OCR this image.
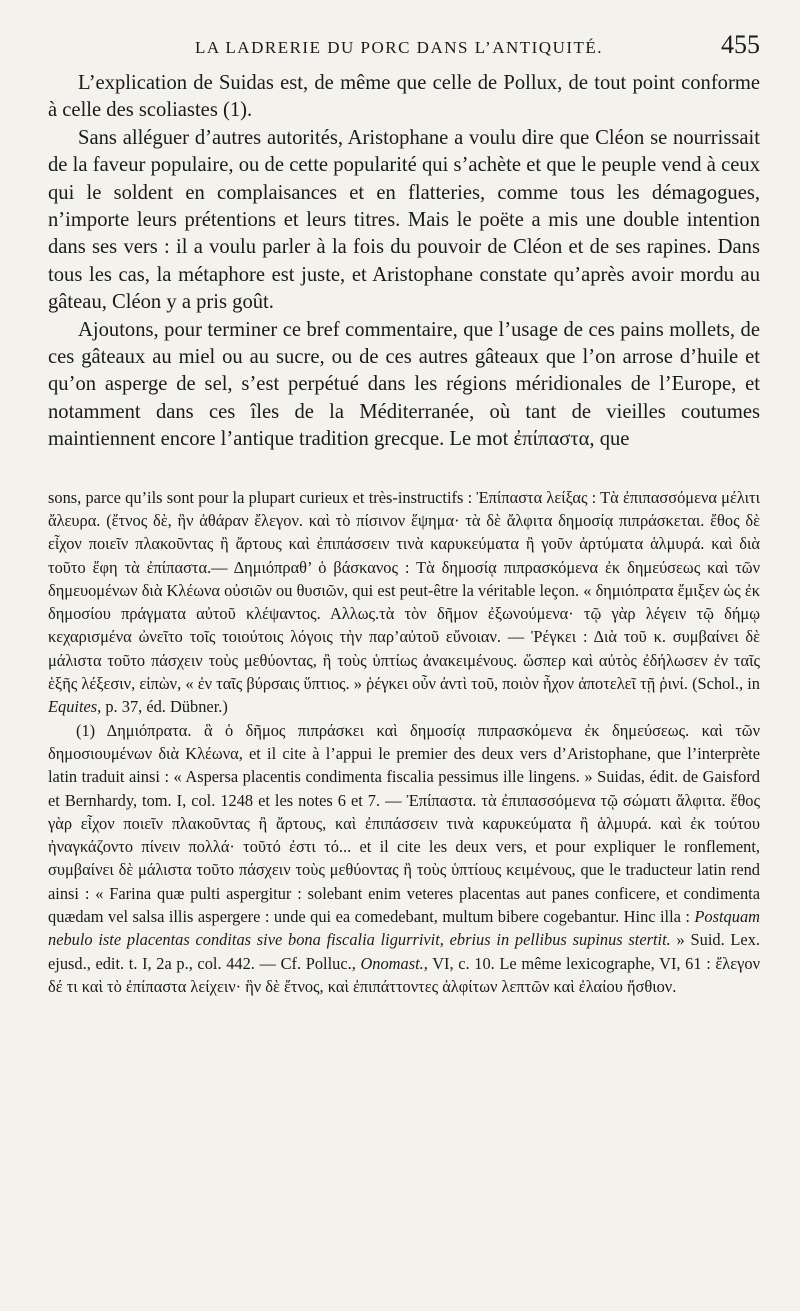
LA LADRERIE DU PORC DANS L’ANTIQUITÉ.	455

L’explication de Suidas est, de même que celle de Pollux, de tout point conforme à celle des scoliastes (1).

Sans alléguer d’autres autorités, Aristophane a voulu dire que Cléon se nourrissait de la faveur populaire, ou de cette popularité qui s’achète et que le peuple vend à ceux qui le soldent en complaisances et en flatteries, comme tous les démagogues, n’importe leurs prétentions et leurs titres. Mais le poëte a mis une double intention dans ses vers : il a voulu parler à la fois du pouvoir de Cléon et de ses rapines. Dans tous les cas, la métaphore est juste, et Aristophane constate qu’après avoir mordu au gâteau, Cléon y a pris goût.

Ajoutons, pour terminer ce bref commentaire, que l’usage de ces pains mollets, de ces gâteaux au miel ou au sucre, ou de ces autres gâteaux que l’on arrose d’huile et qu’on asperge de sel, s’est perpétué dans les régions méridionales de l’Europe, et notamment dans ces îles de la Méditerranée, où tant de vieilles coutumes maintiennent encore l’antique tradition grecque. Le mot ἐπίπαστα, que

sons, parce qu’ils sont pour la plupart curieux et très-instructifs : Ἐπίπαστα λείξας : Τὰ ἐπιπασσόμενα μέλιτι ἄλευρα. (ἔτνος δὲ, ἣν ἀθάραν ἔλεγον. καὶ τὸ πίσινον ἕψημα· τὰ δὲ ἄλφιτα δημοσίᾳ πιπράσκεται. ἔθος δὲ εἶχον ποιεῖν πλακοῦντας ἢ ἄρτους καὶ ἐπιπάσσειν τινὰ καρυκεύματα ἢ γοῦν ἀρτύματα ἁλμυρά. καὶ διὰ τοῦτο ἔφη τὰ ἐπίπαστα.— Δημιόπραθ’ ὁ βάσκανος : Τὰ δημοσίᾳ πιπρασκόμενα ἐκ δημεύσεως καὶ τῶν δημευομένων διὰ Κλέωνα οὐσιῶν ou θυσιῶν, qui est peut-être la véritable leçon. « δημιόπρατα ἔμιξεν ὡς ἐκ δημοσίου πράγματα αὐτοῦ κλέψαντος. Αλλως.τὰ τὸν δῆμον ἐξωνούμενα· τῷ γὰρ λέγειν τῷ δήμῳ κεχαρισμένα ὠνεῖτο τοῖς τοιούτοις λόγοις τὴν παρ’αὐτοῦ εὔνοιαν. — Ῥέγκει : Διὰ τοῦ κ. συμβαίνει δὲ μάλιστα τοῦτο πάσχειν τοὺς μεθύοντας, ἢ τοὺς ὑπτίως ἀνακειμένους. ὥσπερ καὶ αὐτὸς ἐδήλωσεν ἐν ταῖς ἑξῆς λέξεσιν, εἰπὼν, « ἐν ταῖς βύρσαις ὕπτιος. » ῥέγκει οὖν ἀντὶ τοῦ, ποιὸν ἦχον ἀποτελεῖ τῇ ῥινί. (Schol., in Equites, p. 37, éd. Dübner.)

(1) Δημιόπρατα. ἃ ὁ δῆμος πιπράσκει καὶ δημοσίᾳ πιπρασκόμενα ἐκ δημεύσεως. καὶ τῶν δημοσιουμένων διὰ Κλέωνα, et il cite à l’appui le premier des deux vers d’Aristophane, que l’interprète latin traduit ainsi : « Aspersa placentis condimenta fiscalia pessimus ille lingens. » Suidas, édit. de Gaisford et Bernhardy, tom. I, col. 1248 et les notes 6 et 7. — Ἐπίπαστα. τὰ ἐπιπασσόμενα τῷ σώματι ἄλφιτα. ἔθος γὰρ εἶχον ποιεῖν πλακοῦντας ἢ ἄρτους, καὶ ἐπιπάσσειν τινὰ καρυκεύματα ἢ ἁλμυρά. καὶ ἐκ τούτου ἠναγκάζοντο πίνειν πολλά· τοῦτό ἐστι τό... et il cite les deux vers, et pour expliquer le ronflement, συμβαίνει δὲ μάλιστα τοῦτο πάσχειν τοὺς μεθύοντας ἢ τοὺς ὑπτίους κειμένους, que le traducteur latin rend ainsi : « Farina quæ pulti aspergitur : solebant enim veteres placentas aut panes conficere, et condimenta quædam vel salsa illis aspergere : unde qui ea comedebant, multum bibere cogebantur. Hinc illa : Postquam nebulo iste placentas conditas sive bona fiscalia ligurrivit, ebrius in pellibus supinus stertit. » Suid. Lex. ejusd., edit. t. I, 2a p., col. 442. — Cf. Polluc., Onomast., VI, c. 10. Le même lexicographe, VI, 61 : ἔλεγον δέ τι καὶ τὸ ἐπίπαστα λείχειν· ἣν δὲ ἔτνος, καὶ ἐπιπάττοντες ἀλφίτων λεπτῶν καὶ ἐλαίου ἤσθιον.
